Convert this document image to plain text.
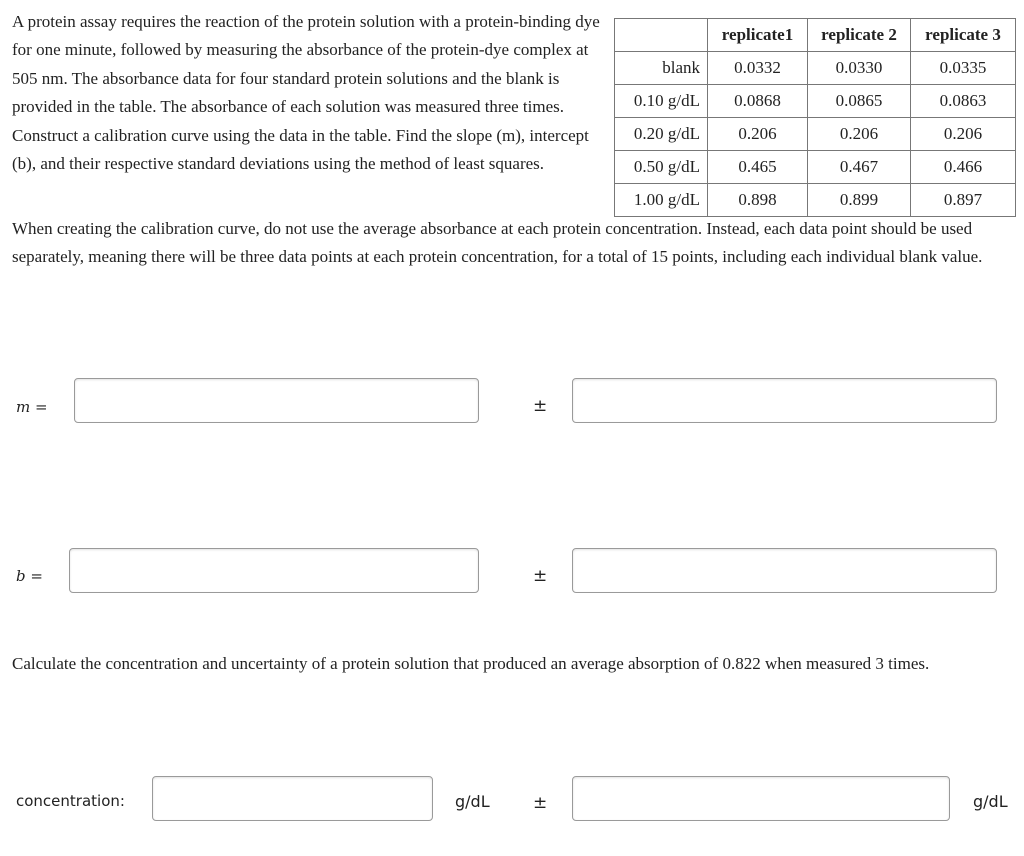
A protein assay requires the reaction of the protein solution with a protein-binding dye for one minute, followed by measuring the absorbance of the protein-dye complex at 505 nm. The absorbance data for four standard protein solutions and the blank is provided in the table. The absorbance of each solution was measured three times. Construct a calibration curve using the data in the table. Find the slope (m), intercept (b), and their respective standard deviations using the method of least squares.

	replicate1	replicate 2	replicate 3
blank	0.0332	0.0330	0.0335
0.10 g/dL	0.0868	0.0865	0.0863
0.20 g/dL	0.206	0.206	0.206
0.50 g/dL	0.465	0.467	0.466
1.00 g/dL	0.898	0.899	0.897

When creating the calibration curve, do not use the average absorbance at each protein concentration. Instead, each data point should be used separately, meaning there will be three data points at each protein concentration, for a total of 15 points, including each individual blank value.

m =	±
b =	±

Calculate the concentration and uncertainty of a protein solution that produced an average absorption of 0.822 when measured 3 times.

concentration:	g/dL	±	g/dL
